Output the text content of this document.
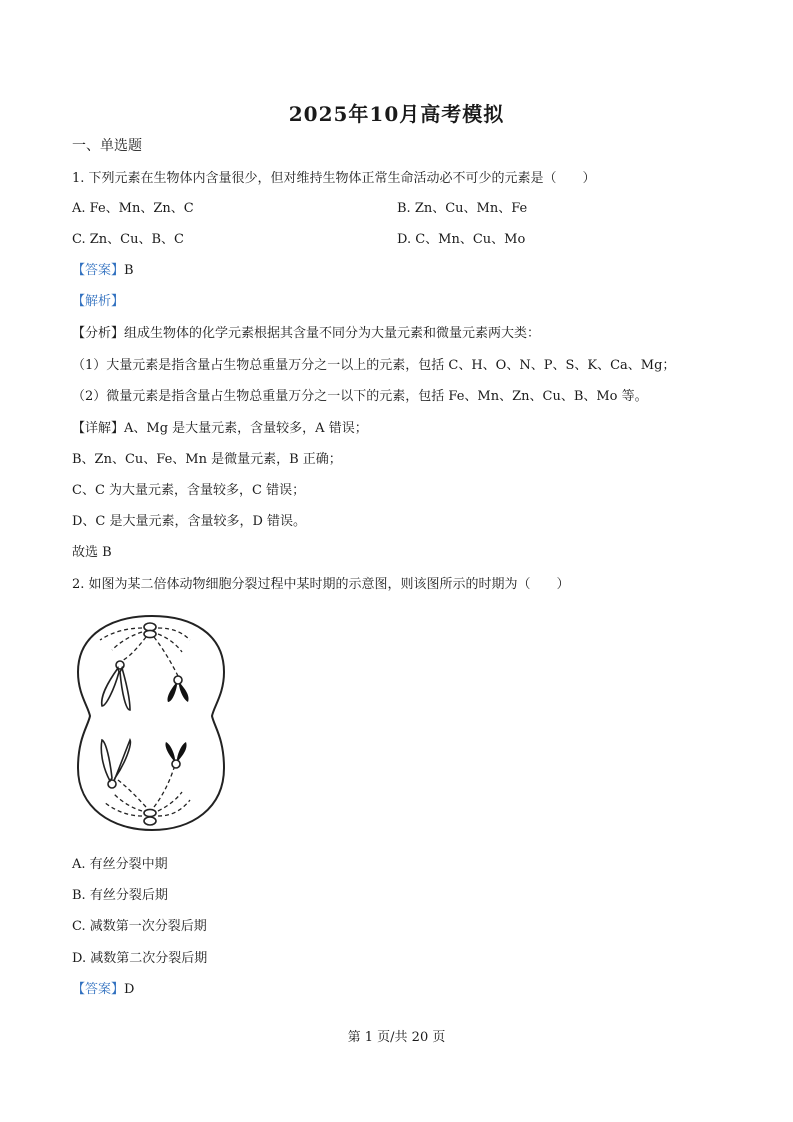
2025年10月高考模拟
一、单选题
1. 下列元素在生物体内含量很少，但对维持生物体正常生命活动必不可少的元素是（　　）
A. Fe、Mn、Zn、C	B. Zn、Cu、Mn、Fe
C. Zn、Cu、B、C	D. C、Mn、Cu、Mo
【答案】B
【解析】
【分析】组成生物体的化学元素根据其含量不同分为大量元素和微量元素两大类：
（1）大量元素是指含量占生物总重量万分之一以上的元素，包括 C、H、O、N、P、S、K、Ca、Mg；
（2）微量元素是指含量占生物总重量万分之一以下的元素，包括 Fe、Mn、Zn、Cu、B、Mo 等。
【详解】A、Mg 是大量元素，含量较多，A 错误；
B、Zn、Cu、Fe、Mn 是微量元素，B 正确；
C、C 为大量元素，含量较多，C 错误；
D、C 是大量元素，含量较多，D 错误。
故选 B
2. 如图为某二倍体动物细胞分裂过程中某时期的示意图，则该图所示的时期为（　　）
A. 有丝分裂中期
B. 有丝分裂后期
C. 减数第一次分裂后期
D. 减数第二次分裂后期
【答案】D
第 1 页/共 20 页
